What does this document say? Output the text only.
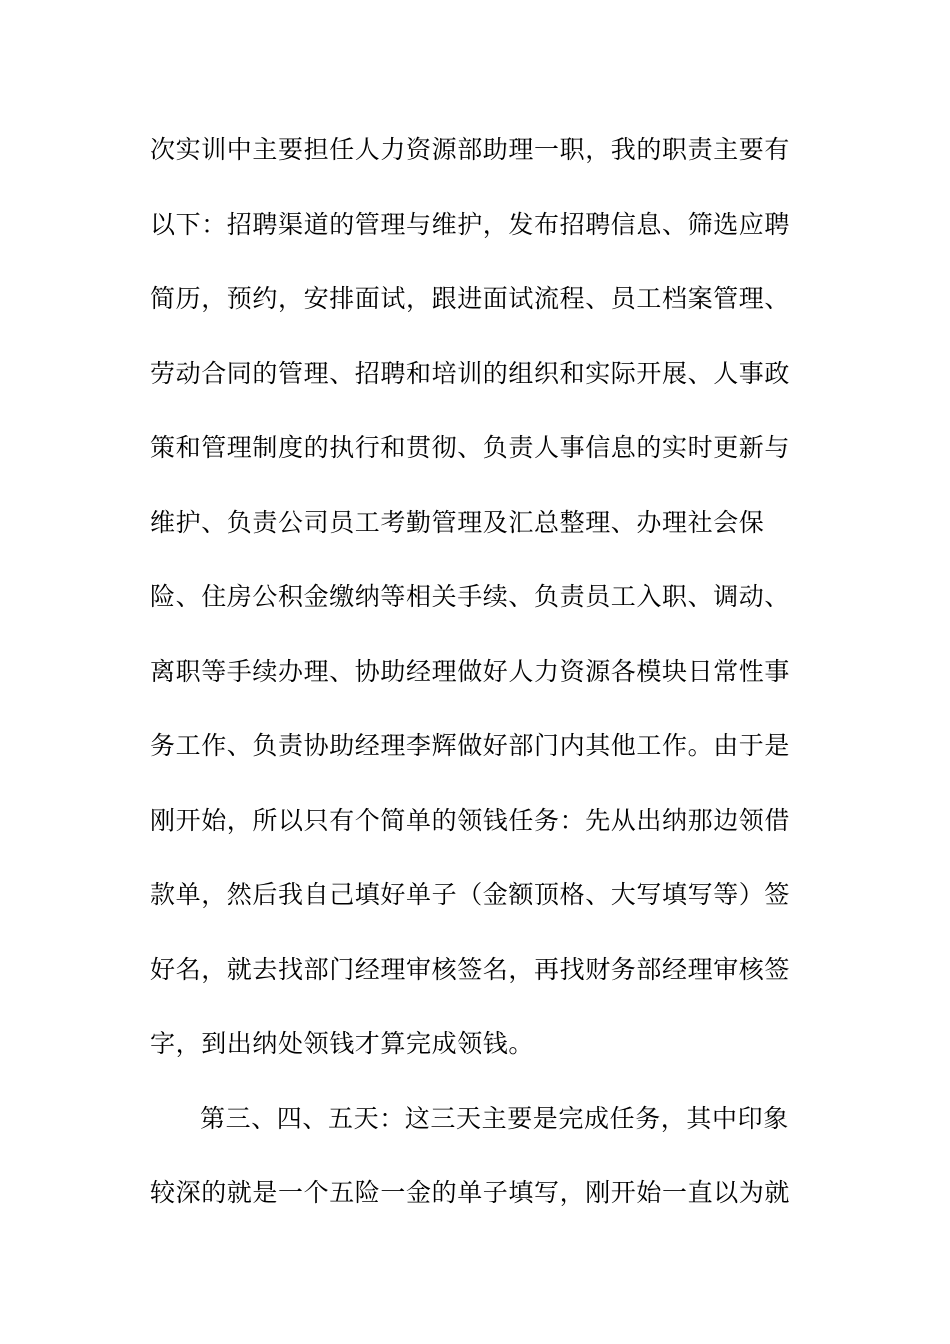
次实训中主要担任人力资源部助理一职，我的职责主要有
以下：招聘渠道的管理与维护，发布招聘信息、筛选应聘
简历，预约，安排面试，跟进面试流程、员工档案管理、
劳动合同的管理、招聘和培训的组织和实际开展、人事政
策和管理制度的执行和贯彻、负责人事信息的实时更新与
维护、负责公司员工考勤管理及汇总整理、办理社会保
险、住房公积金缴纳等相关手续、负责员工入职、调动、
离职等手续办理、协助经理做好人力资源各模块日常性事
务工作、负责协助经理李辉做好部门内其他工作。由于是
刚开始，所以只有个简单的领钱任务：先从出纳那边领借
款单，然后我自己填好单子（金额顶格、大写填写等）签
好名，就去找部门经理审核签名，再找财务部经理审核签
字，到出纳处领钱才算完成领钱。
第三、四、五天：这三天主要是完成任务，其中印象
较深的就是一个五险一金的单子填写，刚开始一直以为就
